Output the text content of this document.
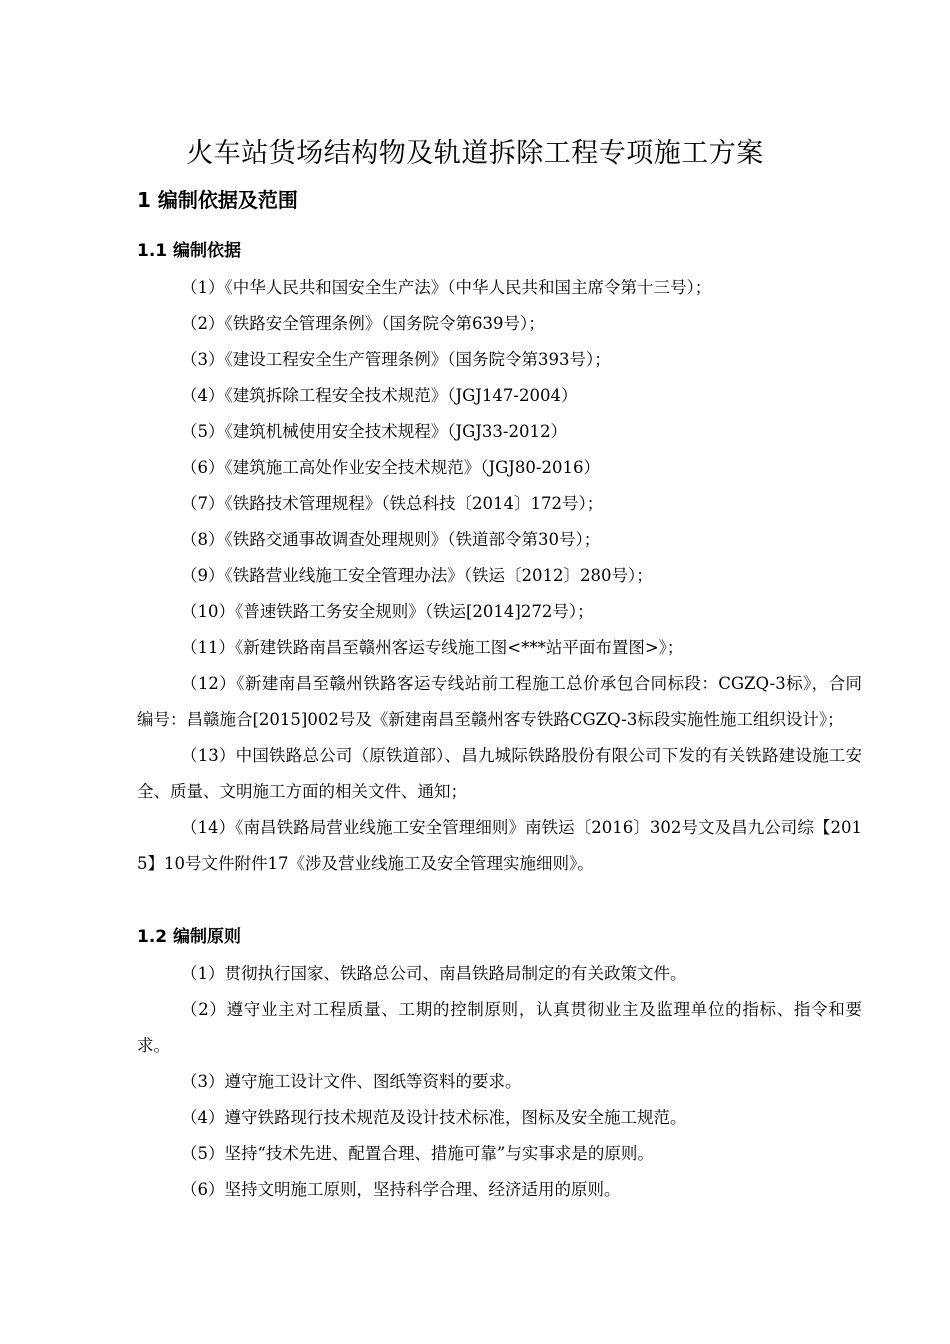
火车站货场结构物及轨道拆除工程专项施工方案
1 编制依据及范围
1.1 编制依据
（1）《中华人民共和国安全生产法》（中华人民共和国主席令第十三号）；
（2）《铁路安全管理条例》（国务院令第639号）；
（3）《建设工程安全生产管理条例》（国务院令第393号）；
（4）《建筑拆除工程安全技术规范》（JGJ147-2004）
（5）《建筑机械使用安全技术规程》（JGJ33-2012）
（6）《建筑施工高处作业安全技术规范》（JGJ80-2016）
（7）《铁路技术管理规程》（铁总科技〔2014〕172号）；
（8）《铁路交通事故调查处理规则》（铁道部令第30号）；
（9）《铁路营业线施工安全管理办法》（铁运〔2012〕280号）；
（10）《普速铁路工务安全规则》（铁运[2014]272号）；
（11）《新建铁路南昌至赣州客运专线施工图<***站平面布置图>》；
（12）《新建南昌至赣州铁路客运专线站前工程施工总价承包合同标段：CGZQ-3标》，合同编号：昌赣施合[2015]002号及《新建南昌至赣州客专铁路CGZQ-3标段实施性施工组织设计》；
（13）中国铁路总公司（原铁道部）、昌九城际铁路股份有限公司下发的有关铁路建设施工安全、质量、文明施工方面的相关文件、通知；
（14）《南昌铁路局营业线施工安全管理细则》南铁运〔2016〕302号文及昌九公司综【2015】10号文件附件17《涉及营业线施工及安全管理实施细则》。
1.2 编制原则
（1）贯彻执行国家、铁路总公司、南昌铁路局制定的有关政策文件。
（2）遵守业主对工程质量、工期的控制原则，认真贯彻业主及监理单位的指标、指令和要求。
（3）遵守施工设计文件、图纸等资料的要求。
（4）遵守铁路现行技术规范及设计技术标准，图标及安全施工规范。
（5）坚持“技术先进、配置合理、措施可靠”与实事求是的原则。
（6）坚持文明施工原则，坚持科学合理、经济适用的原则。
